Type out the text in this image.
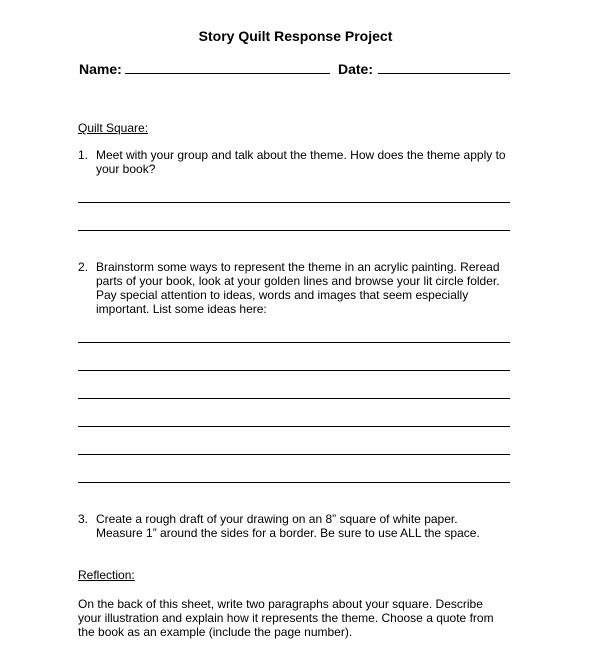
Story Quilt Response Project
Name:	Date:
Quilt Square:
1. Meet with your group and talk about the theme. How does the theme apply to
your book?
2. Brainstorm some ways to represent the theme in an acrylic painting. Reread
parts of your book, look at your golden lines and browse your lit circle folder.
Pay special attention to ideas, words and images that seem especially
important. List some ideas here:
3. Create a rough draft of your drawing on an 8” square of white paper.
Measure 1” around the sides for a border. Be sure to use ALL the space.
Reflection:
On the back of this sheet, write two paragraphs about your square. Describe
your illustration and explain how it represents the theme. Choose a quote from
the book as an example (include the page number).
